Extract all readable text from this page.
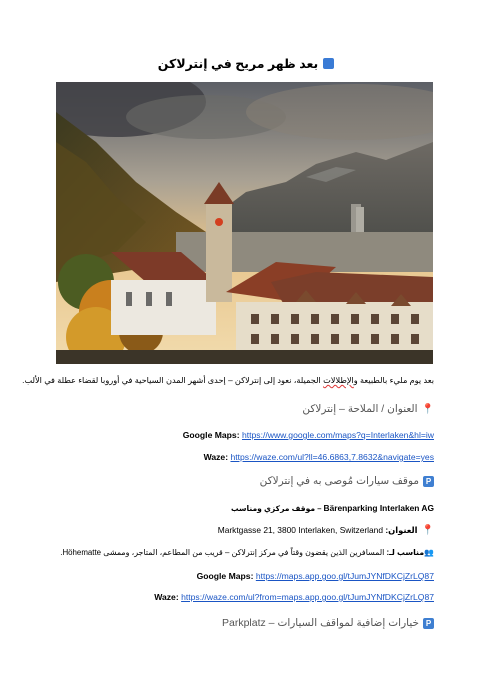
بعد ظهر مريح في إنترلاكن
بعد يوم مليء بالطبيعة والإطلالات الجميلة، نعود إلى إنترلاكن – إحدى أشهر المدن السياحية في أوروبا لقضاء عطلة في الألب.
📍العنوان / الملاحة – إنترلاكن
Google Maps: https://www.google.com/maps?q=Interlaken&hl=iw
Waze: https://waze.com/ul?ll=46.6863,7.8632&navigate=yes
Pموقف سيارات مُوصى به في إنترلاكن
Bärenparking Interlaken AG – موقف مركزي ومناسب
📍العنوان: Marktgasse 21, 3800 Interlaken, Switzerland
👥مناسب لـ: المسافرين الذين يقضون وقتاً في مركز إنترلاكن – قريب من المطاعم، المتاجر، وممشى Höhematte.
Google Maps: https://maps.app.goo.gl/tJumJYNfDKCjZrLQ87
Waze: https://waze.com/ul?from=maps.app.goo.gl/tJumJYNfDKCjZrLQ87
Pخيارات إضافية لمواقف السيارات – Parkplatz
